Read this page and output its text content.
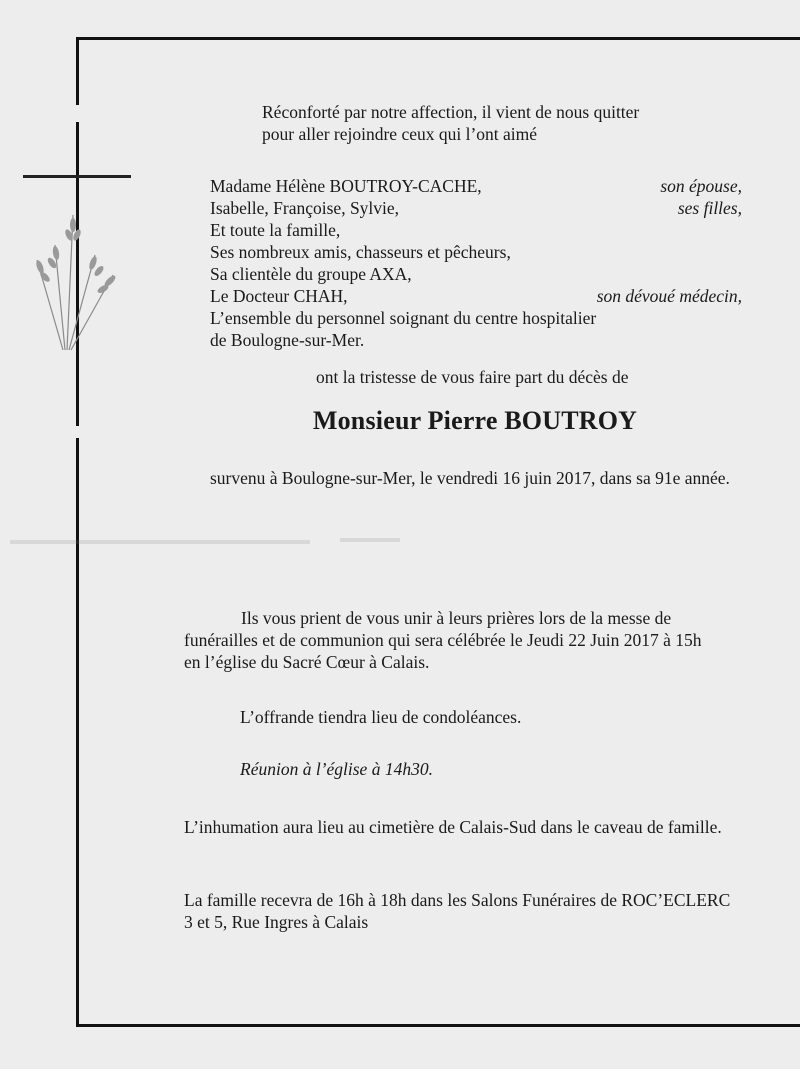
Réconforté par notre affection, il vient de nous quitter
pour aller rejoindre ceux qui l’ont aimé
Madame Hélène BOUTROY-CACHE,	son épouse,
Isabelle, Françoise, Sylvie,	ses filles,
Et toute la famille,
Ses nombreux amis, chasseurs et pêcheurs,
Sa clientèle du groupe AXA,
Le Docteur CHAH,	son dévoué médecin,
L’ensemble du personnel soignant du centre hospitalier
de Boulogne-sur-Mer.
ont la tristesse de vous faire part du décès de
Monsieur Pierre BOUTROY
survenu à Boulogne-sur-Mer, le vendredi 16 juin 2017, dans sa 91e année.
Ils vous prient de vous unir à leurs prières lors de la messe de
funérailles et de communion qui sera célébrée le Jeudi 22 Juin 2017 à 15h
en l’église du Sacré Cœur à Calais.
L’offrande tiendra lieu de condoléances.
Réunion à l’église à 14h30.
L’inhumation aura lieu au cimetière de Calais-Sud dans le caveau de famille.
La famille recevra de 16h à 18h dans les Salons Funéraires de ROC’ECLERC
3 et 5, Rue Ingres à Calais
